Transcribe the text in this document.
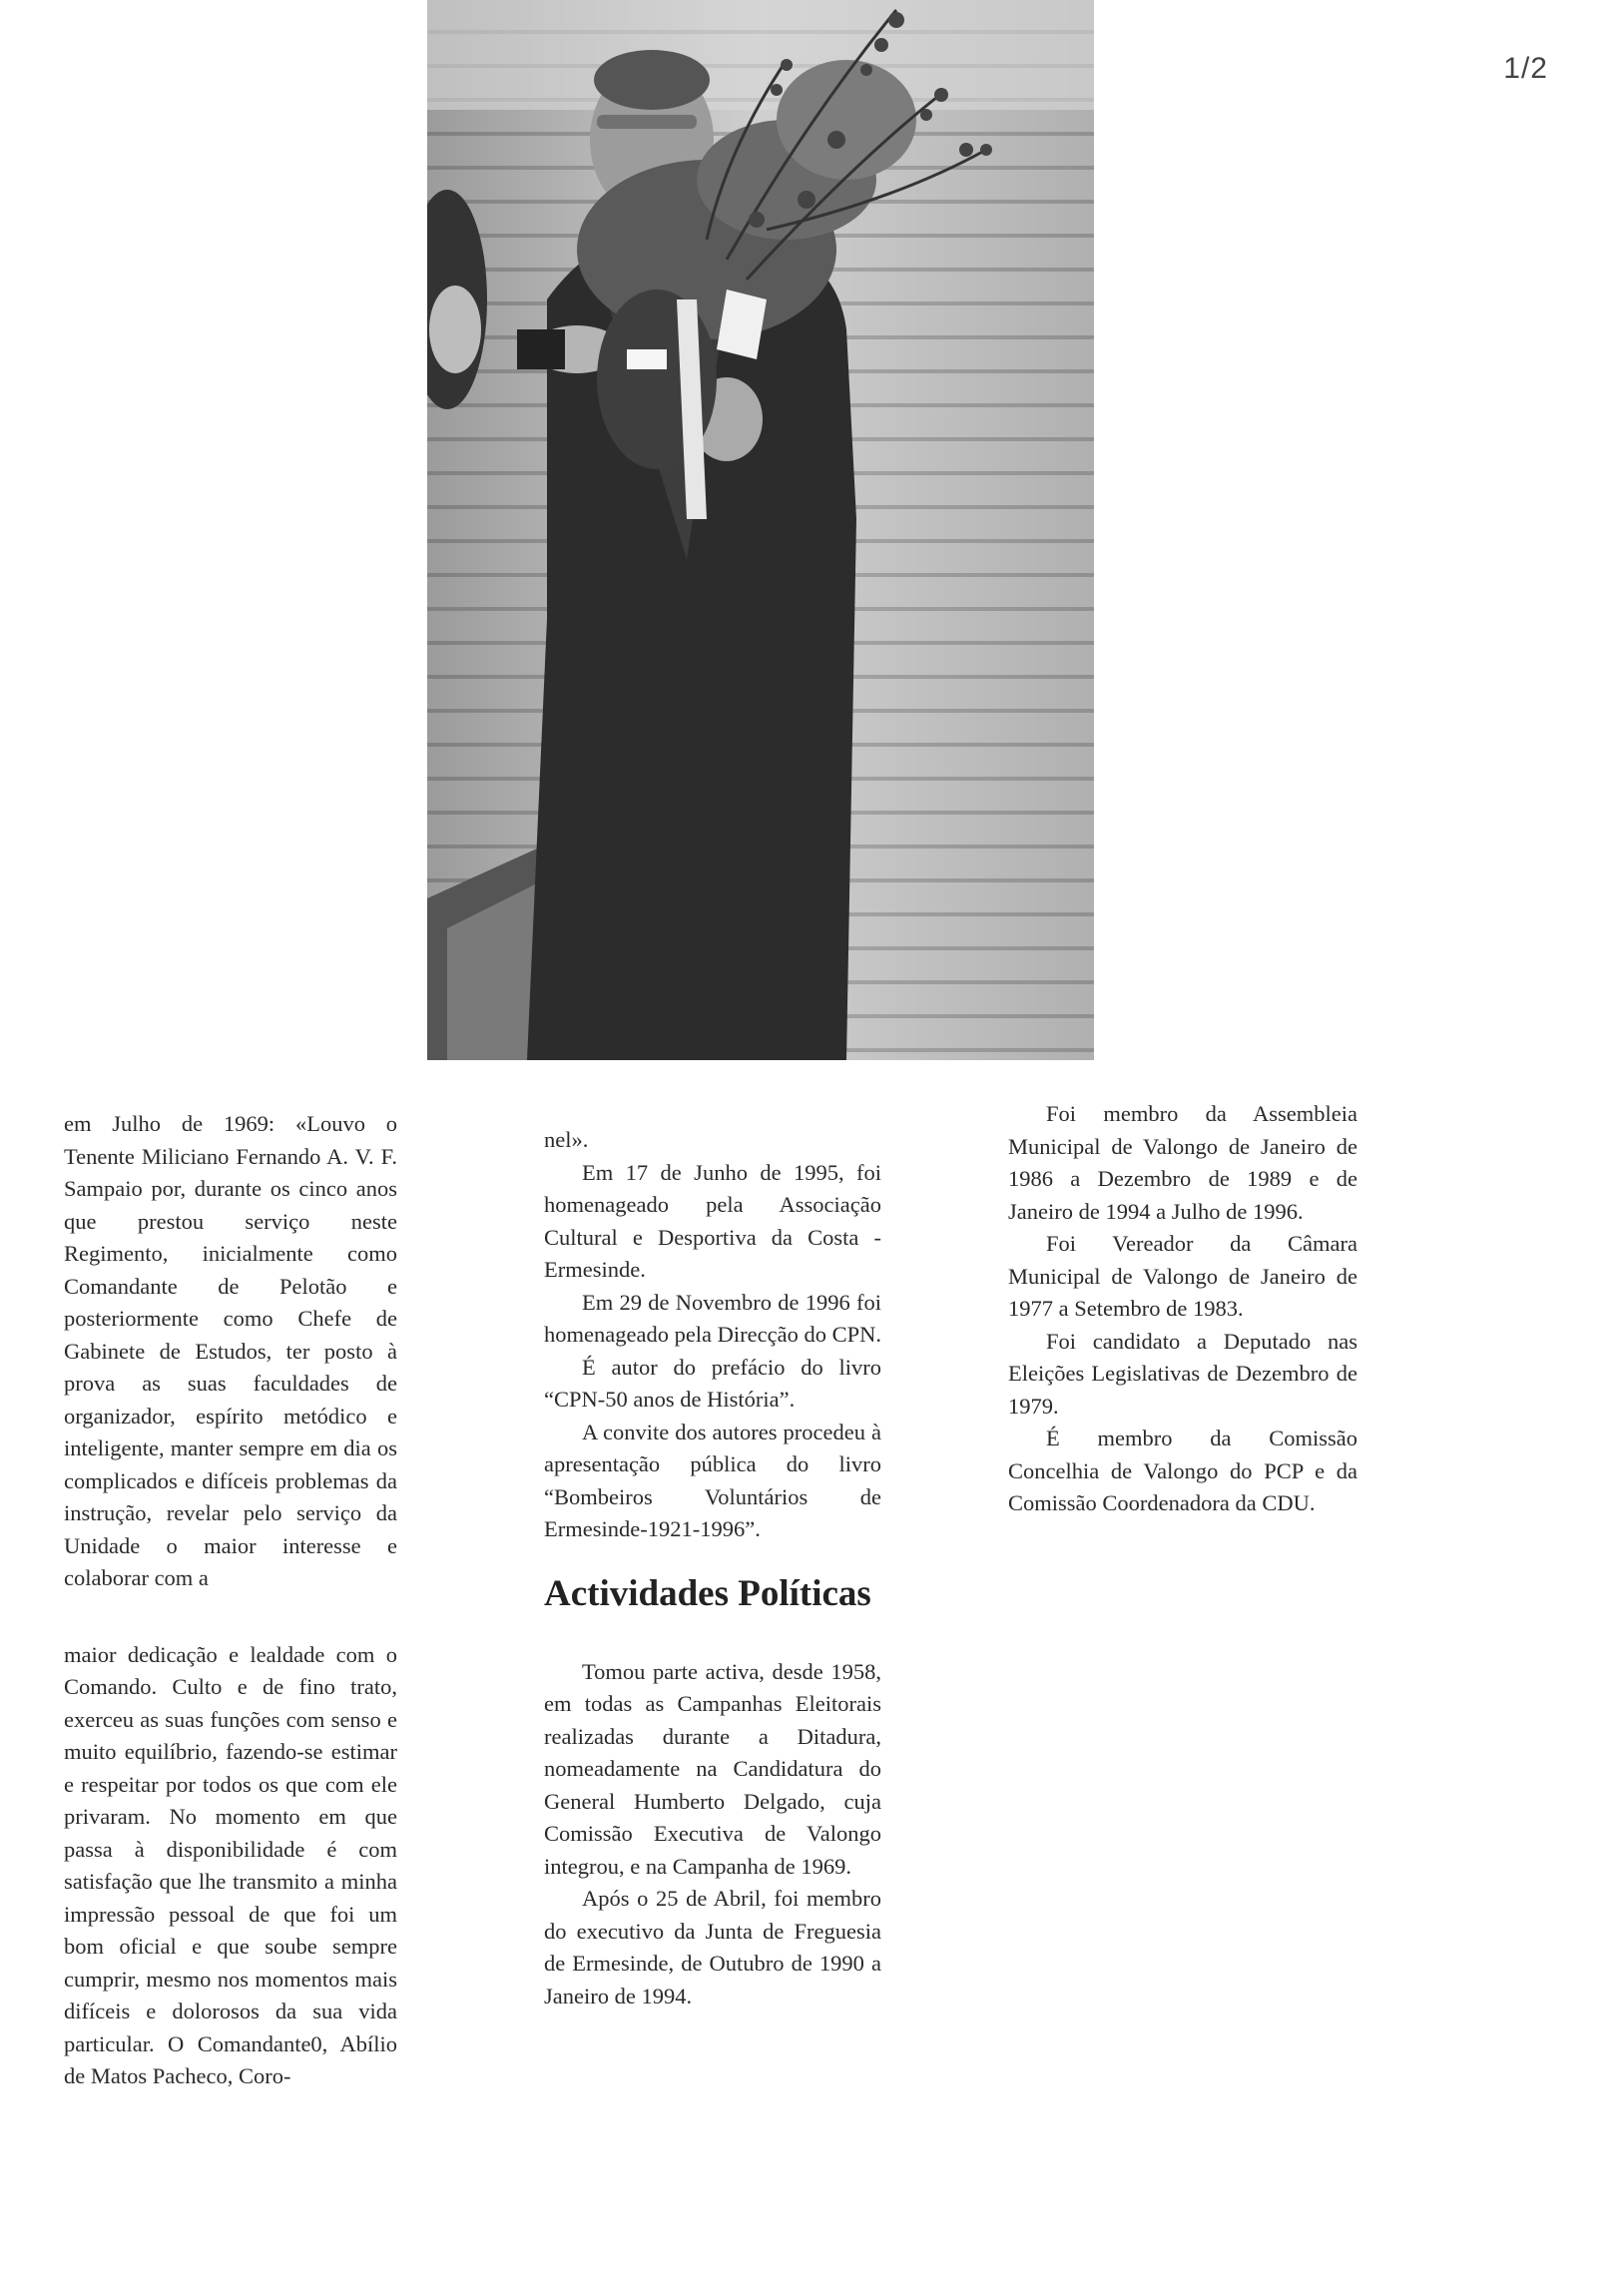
1/2

em Julho de 1969: «Louvo o Tenente Miliciano Fernando A. V. F. Sampaio por, durante os cinco anos que prestou serviço neste Regimento, inicialmente como Comandante de Pelotão e posteriormente como Chefe de Gabinete de Estudos, ter posto à prova as suas faculdades de organizador, espírito metódico e inteligente, manter sempre em dia os complicados e difíceis problemas da instrução, revelar pelo serviço da Unidade o maior interesse e colaborar com a

maior dedicação e lealdade com o Comando. Culto e de fino trato, exerceu as suas funções com senso e muito equilíbrio, fazendo-se estimar e respeitar por todos os que com ele privaram. No momento em que passa à disponibilidade é com satisfação que lhe transmito a minha impressão pessoal de que foi um bom oficial e que soube sempre cumprir, mesmo nos momentos mais difíceis e dolorosos da sua vida particular. O Comandante0, Abílio de Matos Pacheco, Coro-

nel».

Em 17 de Junho de 1995, foi homenageado pela Associação Cultural e Desportiva da Costa - Ermesinde.

Em 29 de Novembro de 1996 foi homenageado pela Direcção do CPN.

É autor do prefácio do livro “CPN-50 anos de História”.

A convite dos autores procedeu à apresentação pública do livro “Bombeiros Voluntários de Ermesinde-1921-1996”.

Actividades Políticas

Tomou parte activa, desde 1958, em todas as Campanhas Eleitorais realizadas durante a Ditadura, nomeadamente na Candidatura do General Humberto Delgado, cuja Comissão Executiva de Valongo integrou, e na Campanha de 1969.

Após o 25 de Abril, foi membro do executivo da Junta de Freguesia de Ermesinde, de Outubro de 1990 a Janeiro de 1994.

Foi membro da Assembleia Municipal de Valongo de Janeiro de 1986 a Dezembro de 1989 e de Janeiro de 1994 a Julho de 1996.

Foi Vereador da Câmara Municipal de Valongo de Janeiro de 1977 a Setembro de 1983.

Foi candidato a Deputado nas Eleições Legislativas de Dezembro de 1979.

É membro da Comissão Concelhia de Valongo do PCP e da Comissão Coordenadora da CDU.
